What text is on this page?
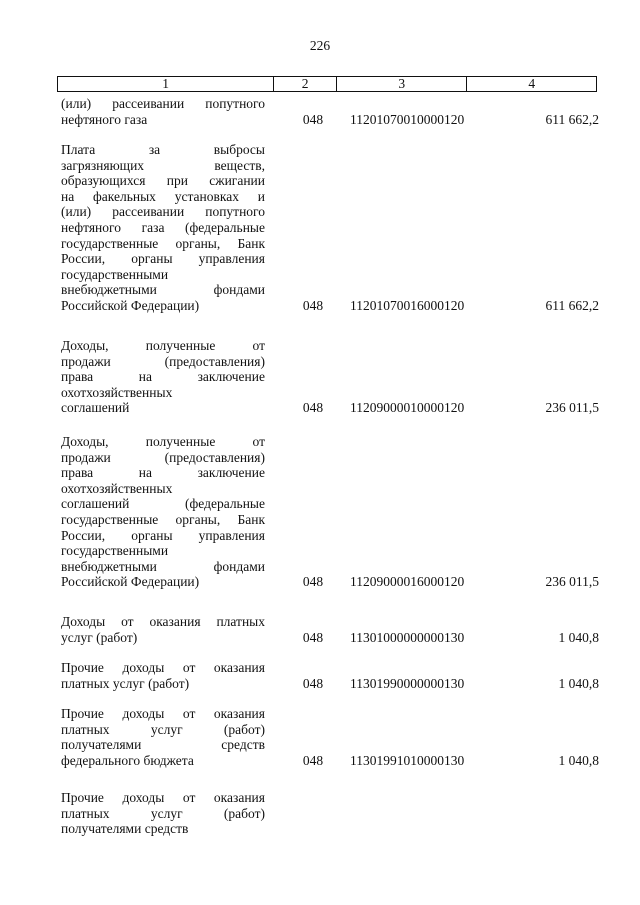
226
1	2	3	4
(или) рассеивании попутного
нефтяного газа	048	11201070010000120	611 662,2
Плата за выбросы
загрязняющих веществ,
образующихся при сжигании
на факельных установках и
(или) рассеивании попутного
нефтяного газа (федеральные
государственные органы, Банк
России, органы управления
государственными
внебюджетными фондами
Российской Федерации)	048	11201070016000120	611 662,2
Доходы, полученные от
продажи (предоставления)
права на заключение
охотхозяйственных
соглашений	048	11209000010000120	236 011,5
Доходы, полученные от
продажи (предоставления)
права на заключение
охотхозяйственных
соглашений (федеральные
государственные органы, Банк
России, органы управления
государственными
внебюджетными фондами
Российской Федерации)	048	11209000016000120	236 011,5
Доходы от оказания платных
услуг (работ)	048	11301000000000130	1 040,8
Прочие доходы от оказания
платных услуг (работ)	048	11301990000000130	1 040,8
Прочие доходы от оказания
платных услуг (работ)
получателями средств
федерального бюджета	048	11301991010000130	1 040,8
Прочие доходы от оказания
платных услуг (работ)
получателями средств
